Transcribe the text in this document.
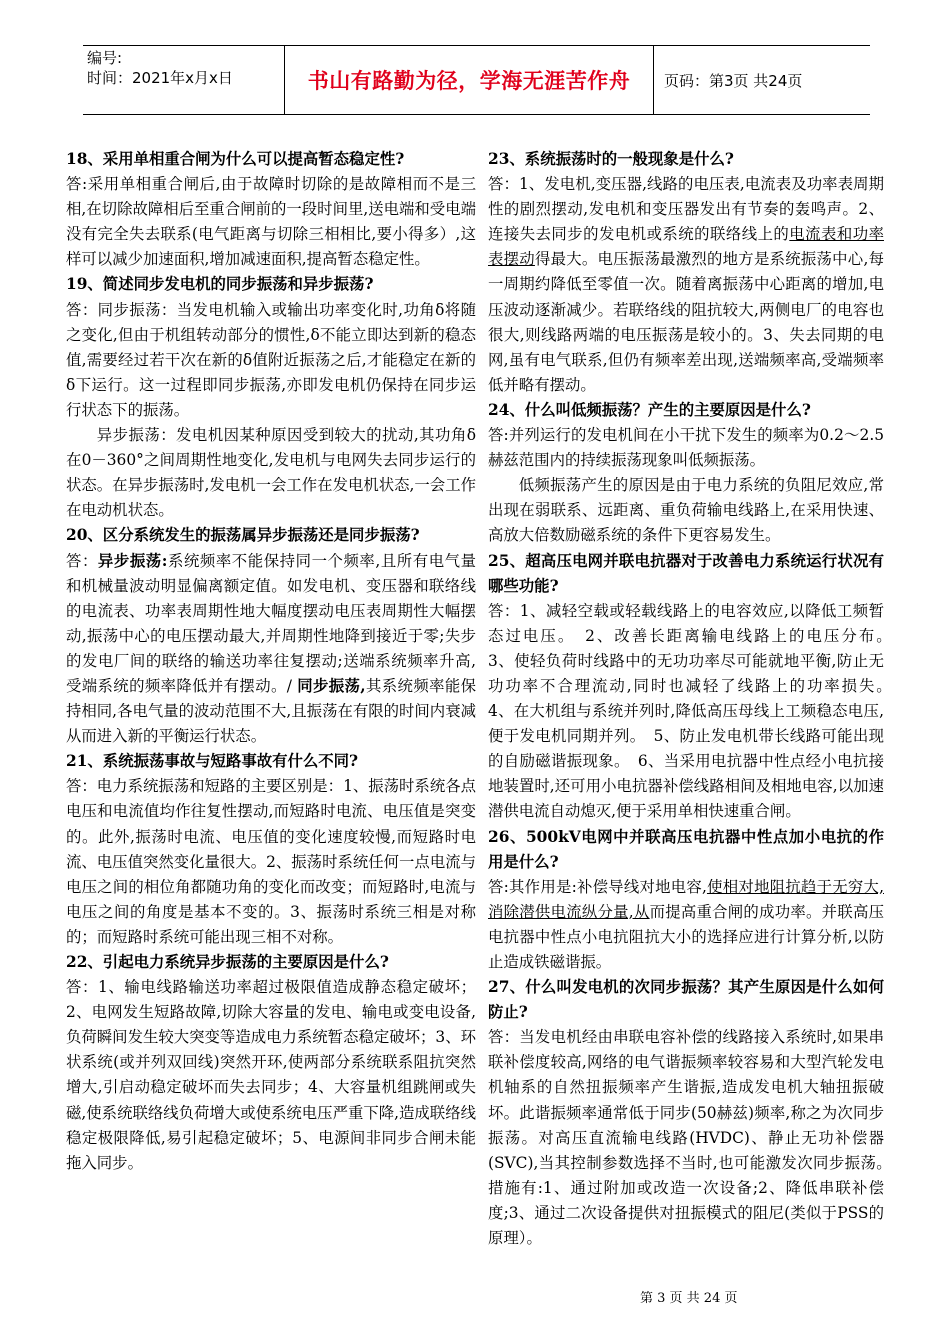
编号:
时间：2021年x月x日	书山有路勤为径，学海无涯苦作舟	页码：第3页 共24页

18、采用单相重合闸为什么可以提高暂态稳定性?

答:采用单相重合闸后,由于故障时切除的是故障相而不是三相,在切除故障相后至重合闸前的一段时间里,送电端和受电端没有完全失去联系(电气距离与切除三相相比,要小得多）,这样可以减少加速面积,增加减速面积,提高暂态稳定性。

19、简述同步发电机的同步振荡和异步振荡?

答：同步振荡：当发电机输入或输出功率变化时,功角δ将随之变化,但由于机组转动部分的惯性,δ不能立即达到新的稳态值,需要经过若干次在新的δ值附近振荡之后,才能稳定在新的δ下运行。这一过程即同步振荡,亦即发电机仍保持在同步运行状态下的振荡。

异步振荡：发电机因某种原因受到较大的扰动,其功角δ在0－360°之间周期性地变化,发电机与电网失去同步运行的状态。在异步振荡时,发电机一会工作在发电机状态,一会工作在电动机状态。

20、区分系统发生的振荡属异步振荡还是同步振荡?

答：异步振荡:系统频率不能保持同一个频率,且所有电气量和机械量波动明显偏离额定值。如发电机、变压器和联络线的电流表、功率表周期性地大幅度摆动电压表周期性大幅摆动,振荡中心的电压摆动最大,并周期性地降到接近于零;失步的发电厂间的联络的输送功率往复摆动;送端系统频率升高,受端系统的频率降低并有摆动。/ 同步振荡,其系统频率能保持相同,各电气量的波动范围不大,且振荡在有限的时间内衰减从而进入新的平衡运行状态。

21、系统振荡事故与短路事故有什么不同?

答：电力系统振荡和短路的主要区别是：1、振荡时系统各点电压和电流值均作往复性摆动,而短路时电流、电压值是突变的。此外,振荡时电流、电压值的变化速度较慢,而短路时电流、电压值突然变化量很大。2、振荡时系统任何一点电流与电压之间的相位角都随功角的变化而改变；而短路时,电流与电压之间的角度是基本不变的。3、振荡时系统三相是对称的；而短路时系统可能出现三相不对称。

22、引起电力系统异步振荡的主要原因是什么?

答：1、输电线路输送功率超过极限值造成静态稳定破坏；2、电网发生短路故障,切除大容量的发电、输电或变电设备,负荷瞬间发生较大突变等造成电力系统暂态稳定破坏；3、环状系统(或并列双回线)突然开环,使两部分系统联系阻抗突然增大,引启动稳定破坏而失去同步；4、大容量机组跳闸或失磁,使系统联络线负荷增大或使系统电压严重下降,造成联络线稳定极限降低,易引起稳定破坏；5、电源间非同步合闸未能拖入同步。

23、系统振荡时的一般现象是什么?

答：1、发电机,变压器,线路的电压表,电流表及功率表周期性的剧烈摆动,发电机和变压器发出有节奏的轰鸣声。2、连接失去同步的发电机或系统的联络线上的电流表和功率表摆动得最大。电压振荡最激烈的地方是系统振荡中心,每一周期约降低至零值一次。随着离振荡中心距离的增加,电压波动逐渐减少。若联络线的阻抗较大,两侧电厂的电容也很大,则线路两端的电压振荡是较小的。3、失去同期的电网,虽有电气联系,但仍有频率差出现,送端频率高,受端频率低并略有摆动。

24、什么叫低频振荡？产生的主要原因是什么?

答:并列运行的发电机间在小干扰下发生的频率为0.2～2.5赫兹范围内的持续振荡现象叫低频振荡。

低频振荡产生的原因是由于电力系统的负阻尼效应,常出现在弱联系、远距离、重负荷输电线路上,在采用快速、高放大倍数励磁系统的条件下更容易发生。

25、超高压电网并联电抗器对于改善电力系统运行状况有哪些功能?

答：1、减轻空载或轻载线路上的电容效应,以降低工频暂态过电压。　2、改善长距离输电线路上的电压分布。　　3、使轻负荷时线路中的无功功率尽可能就地平衡,防止无功功率不合理流动,同时也减轻了线路上的功率损失。　　4、在大机组与系统并列时,降低高压母线上工频稳态电压,便于发电机同期并列。　5、防止发电机带长线路可能出现的自励磁谐振现象。　6、当采用电抗器中性点经小电抗接地装置时,还可用小电抗器补偿线路相间及相地电容,以加速潜供电流自动熄灭,便于采用单相快速重合闸。

26、500kV电网中并联高压电抗器中性点加小电抗的作用是什么?

答:其作用是:补偿导线对地电容,使相对地阻抗趋于无穷大,消除潜供电流纵分量,从而提高重合闸的成功率。并联高压电抗器中性点小电抗阻抗大小的选择应进行计算分析,以防止造成铁磁谐振。

27、什么叫发电机的次同步振荡？其产生原因是什么如何防止?

答：当发电机经由串联电容补偿的线路接入系统时,如果串联补偿度较高,网络的电气谐振频率较容易和大型汽轮发电机轴系的自然扭振频率产生谐振,造成发电机大轴扭振破坏。此谐振频率通常低于同步(50赫兹)频率,称之为次同步振荡。对高压直流输电线路(HVDC)、静止无功补偿器(SVC),当其控制参数选择不当时,也可能激发次同步振荡。　　措施有:1、通过附加或改造一次设备;2、降低串联补偿度;3、通过二次设备提供对扭振模式的阻尼(类似于PSS的原理）。

第 3 页 共 24 页
